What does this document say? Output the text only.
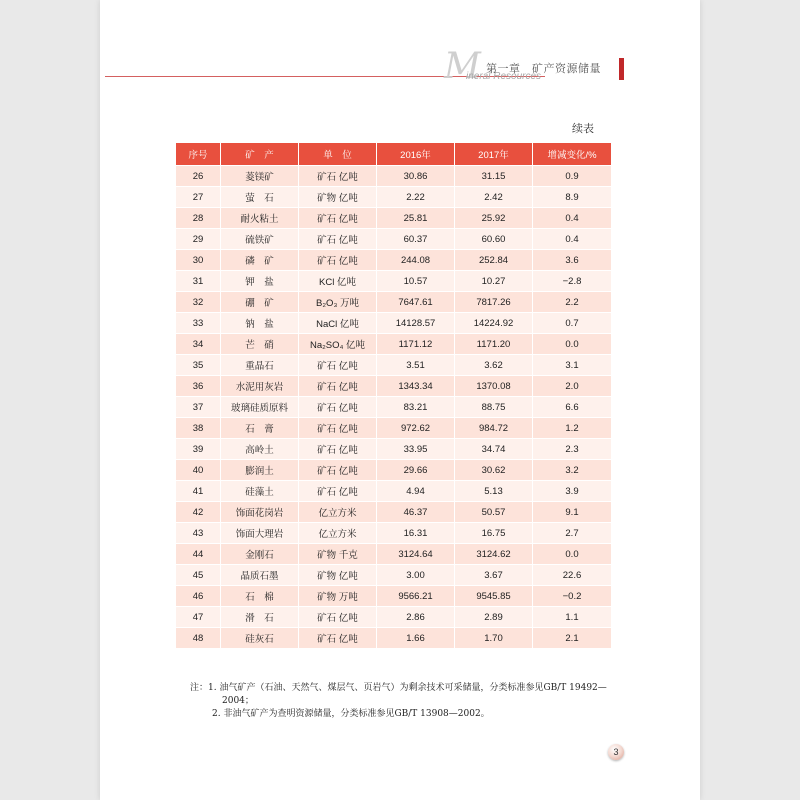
M
ineral Resources
第一章　矿产资源储量
续表
序号	矿　产	单　位	2016年	2017年	增减变化/%
26	菱镁矿	矿石 亿吨	30.86	31.15	0.9
27	萤　石	矿物 亿吨	2.22	2.42	8.9
28	耐火粘土	矿石 亿吨	25.81	25.92	0.4
29	硫铁矿	矿石 亿吨	60.37	60.60	0.4
30	磷　矿	矿石 亿吨	244.08	252.84	3.6
31	钾　盐	KCl 亿吨	10.57	10.27	−2.8
32	硼　矿	B₂O₃ 万吨	7647.61	7817.26	2.2
33	钠　盐	NaCl 亿吨	14128.57	14224.92	0.7
34	芒　硝	Na₂SO₄ 亿吨	1171.12	1171.20	0.0
35	重晶石	矿石 亿吨	3.51	3.62	3.1
36	水泥用灰岩	矿石 亿吨	1343.34	1370.08	2.0
37	玻璃硅质原料	矿石 亿吨	83.21	88.75	6.6
38	石　膏	矿石 亿吨	972.62	984.72	1.2
39	高岭土	矿石 亿吨	33.95	34.74	2.3
40	膨润土	矿石 亿吨	29.66	30.62	3.2
41	硅藻土	矿石 亿吨	4.94	5.13	3.9
42	饰面花岗岩	亿立方米	46.37	50.57	9.1
43	饰面大理岩	亿立方米	16.31	16.75	2.7
44	金刚石	矿物 千克	3124.64	3124.62	0.0
45	晶质石墨	矿物 亿吨	3.00	3.67	22.6
46	石　棉	矿物 万吨	9566.21	9545.85	−0.2
47	滑　石	矿石 亿吨	2.86	2.89	1.1
48	硅灰石	矿石 亿吨	1.66	1.70	2.1
注：1. 油气矿产（石油、天然气、煤层气、页岩气）为剩余技术可采储量，分类标准参见GB/T 19492—
2004；
2. 非油气矿产为查明资源储量，分类标准参见GB/T 13908—2002。
3
